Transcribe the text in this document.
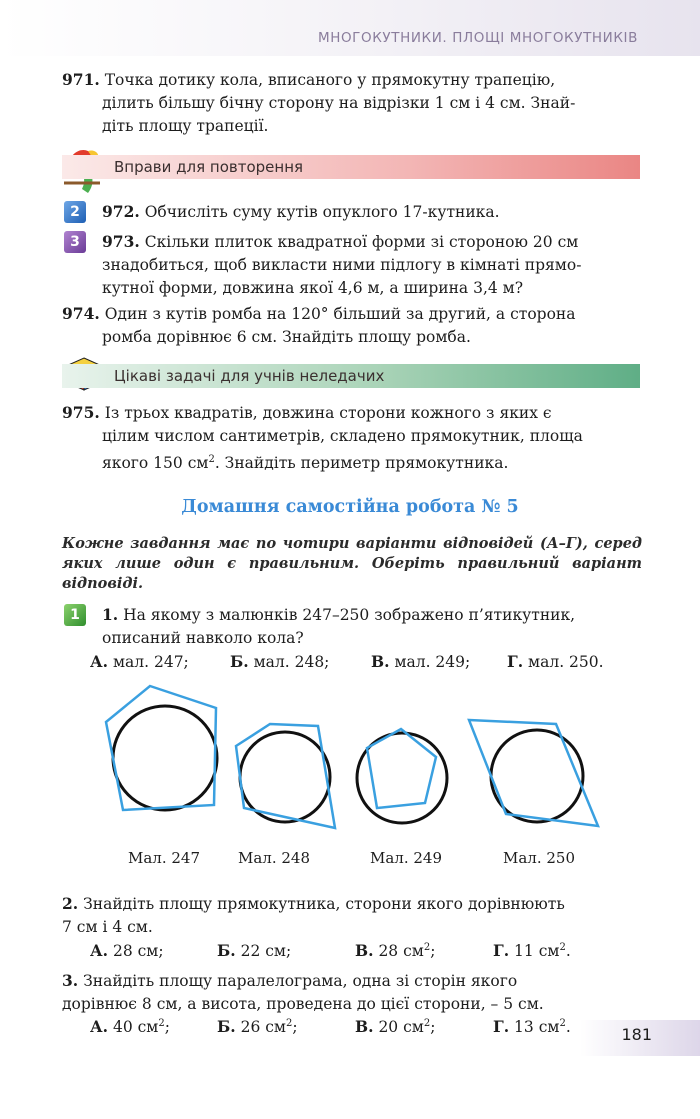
МНОГОКУТНИКИ. ПЛОЩІ МНОГОКУТНИКІВ
971. Точка дотику кола, вписаного у прямокутну трапецію,
ділить більшу бічну сторону на відрізки 1 см і 4 см. Знай-
діть площу трапеції.
Вправи для повторення
2	972. Обчисліть суму кутів опуклого 17-кутника.
3	973. Скільки плиток квадратної форми зі стороною 20 см
знадобиться, щоб викласти ними підлогу в кімнаті прямо-
кутної форми, довжина якої 4,6 м, а ширина 3,4 м?
974. Один з кутів ромба на 120° більший за другий, а сторона
ромба дорівнює 6 см. Знайдіть площу ромба.
Цікаві задачі для учнів неледачих
975. Із трьох квадратів, довжина сторони кожного з яких є
цілим числом сантиметрів, складено прямокутник, площа
якого 150 $см^2$. Знайдіть периметр прямокутника.
Домашня самостійна робота № 5
Кожне завдання має по чотири варіанти відповідей (А–Г), серед яких лише один є правильним. Оберіть правильний варіант відповіді.
1	1. На якому з малюнків 247–250 зображено п’ятикутник,
описаний навколо кола?
А. мал. 247;	Б. мал. 248;	В. мал. 249; Г. мал. 250.
Мал. 247	Мал. 248	Мал. 249	Мал. 250
2. Знайдіть площу прямокутника, сторони якого дорівнюють
7 см і 4 см.
А. 28 см;	Б. 22 см;	В. 28 $см^2$;	Г. 11 $см^2$.
3. Знайдіть площу паралелограма, одна зі сторін якого
дорівнює 8 см, а висота, проведена до цієї сторони, – 5 см.
А. 40 $см^2$;	Б. 26 $см^2$;	В. 20 $см^2$;	Г. 13 $см^2$.	181
